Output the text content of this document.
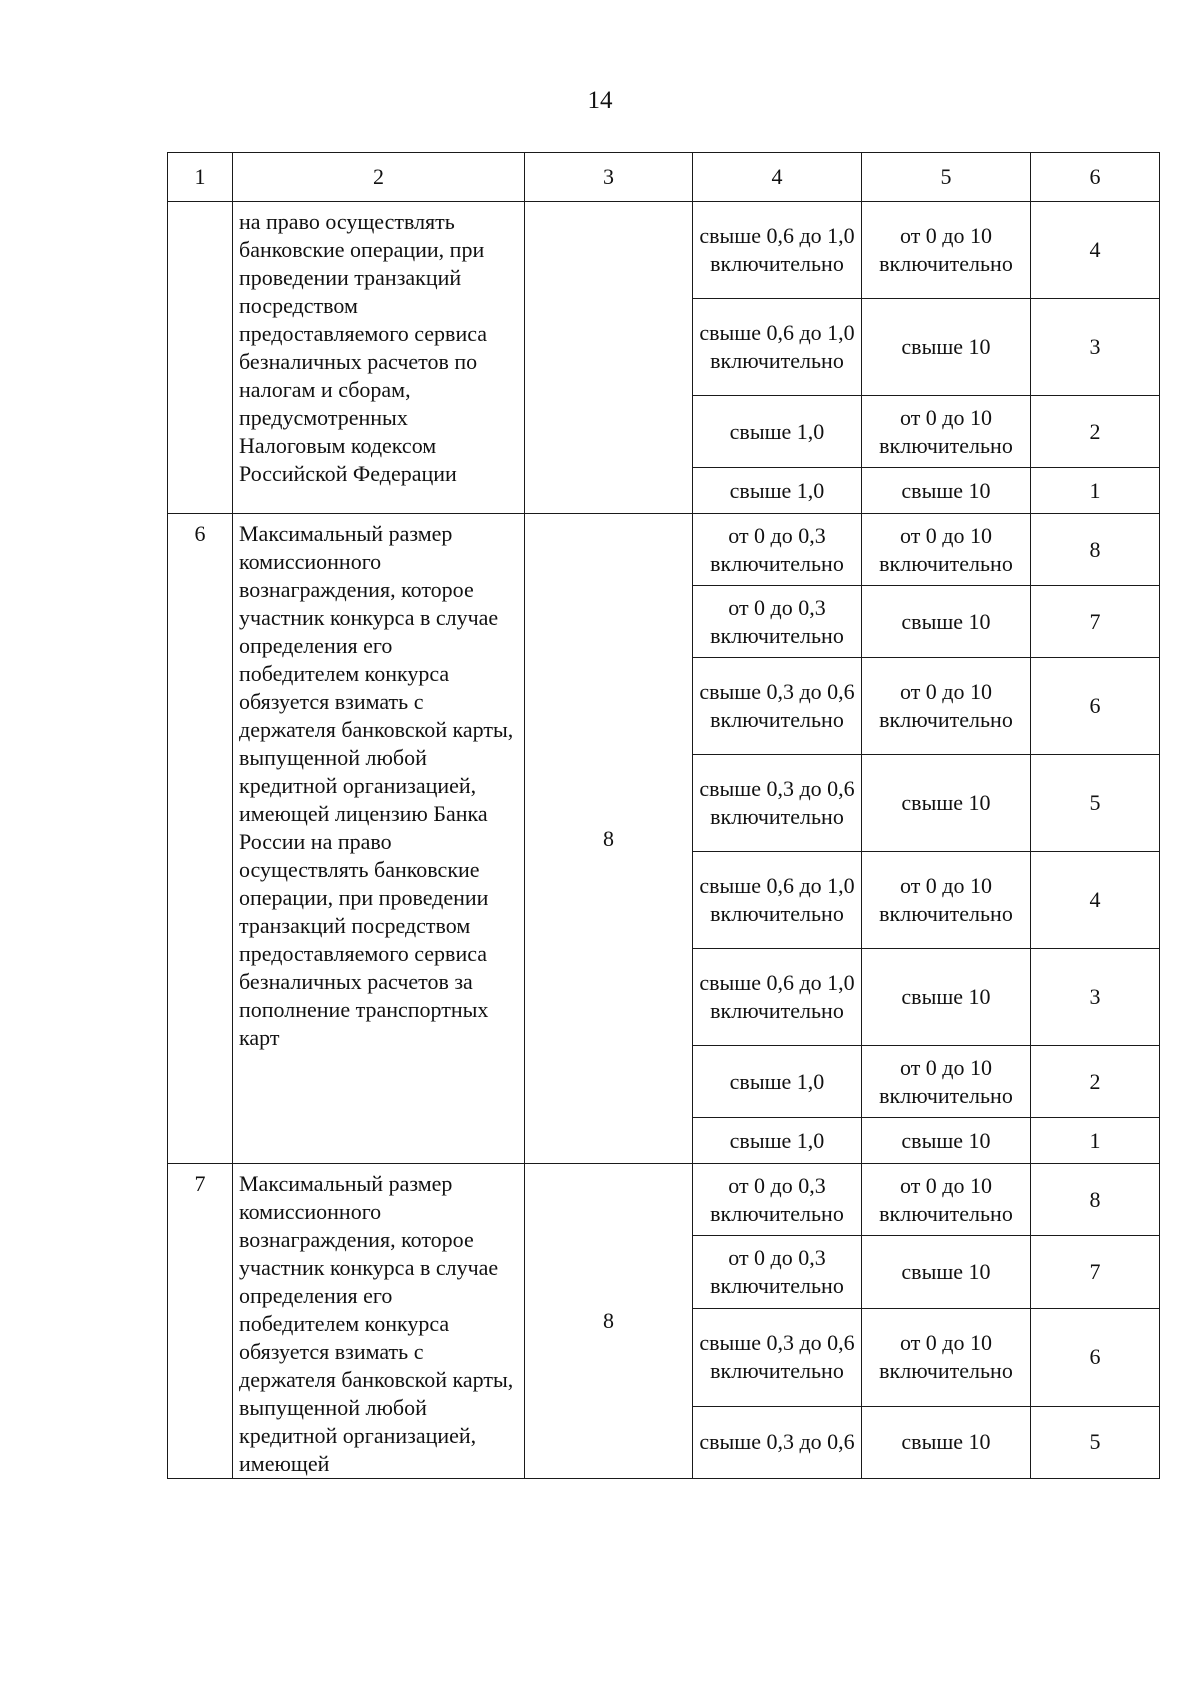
14
1	2	3	4	5	6
	на право осуществлять банковские операции, при проведении транзакций посредством предоставляемого сервиса безналичных расчетов по налогам и сборам, предусмотренных Налоговым кодексом Российской Федерации		свыше 0,6 до 1,0 включительно	от 0 до 10 включительно	4
			свыше 0,6 до 1,0 включительно	свыше 10	3
			свыше 1,0	от 0 до 10 включительно	2
			свыше 1,0	свыше 10	1
6	Максимальный размер комиссионного вознаграждения, которое участник конкурса в случае определения его победителем конкурса обязуется взимать с держателя банковской карты, выпущенной любой кредитной организацией, имеющей лицензию Банка России на право осуществлять банковские операции, при проведении транзакций посредством предоставляемого сервиса безналичных расчетов за пополнение транспортных карт	8	от 0 до 0,3 включительно	от 0 до 10 включительно	8
			от 0 до 0,3 включительно	свыше 10	7
			свыше 0,3 до 0,6 включительно	от 0 до 10 включительно	6
			свыше 0,3 до 0,6 включительно	свыше 10	5
			свыше 0,6 до 1,0 включительно	от 0 до 10 включительно	4
			свыше 0,6 до 1,0 включительно	свыше 10	3
			свыше 1,0	от 0 до 10 включительно	2
			свыше 1,0	свыше 10	1
7	Максимальный размер комиссионного вознаграждения, которое участник конкурса в случае определения его победителем конкурса обязуется взимать с держателя банковской карты, выпущенной любой кредитной организацией, имеющей	8	от 0 до 0,3 включительно	от 0 до 10 включительно	8
			от 0 до 0,3 включительно	свыше 10	7
			свыше 0,3 до 0,6 включительно	от 0 до 10 включительно	6
			свыше 0,3 до 0,6	свыше 10	5
